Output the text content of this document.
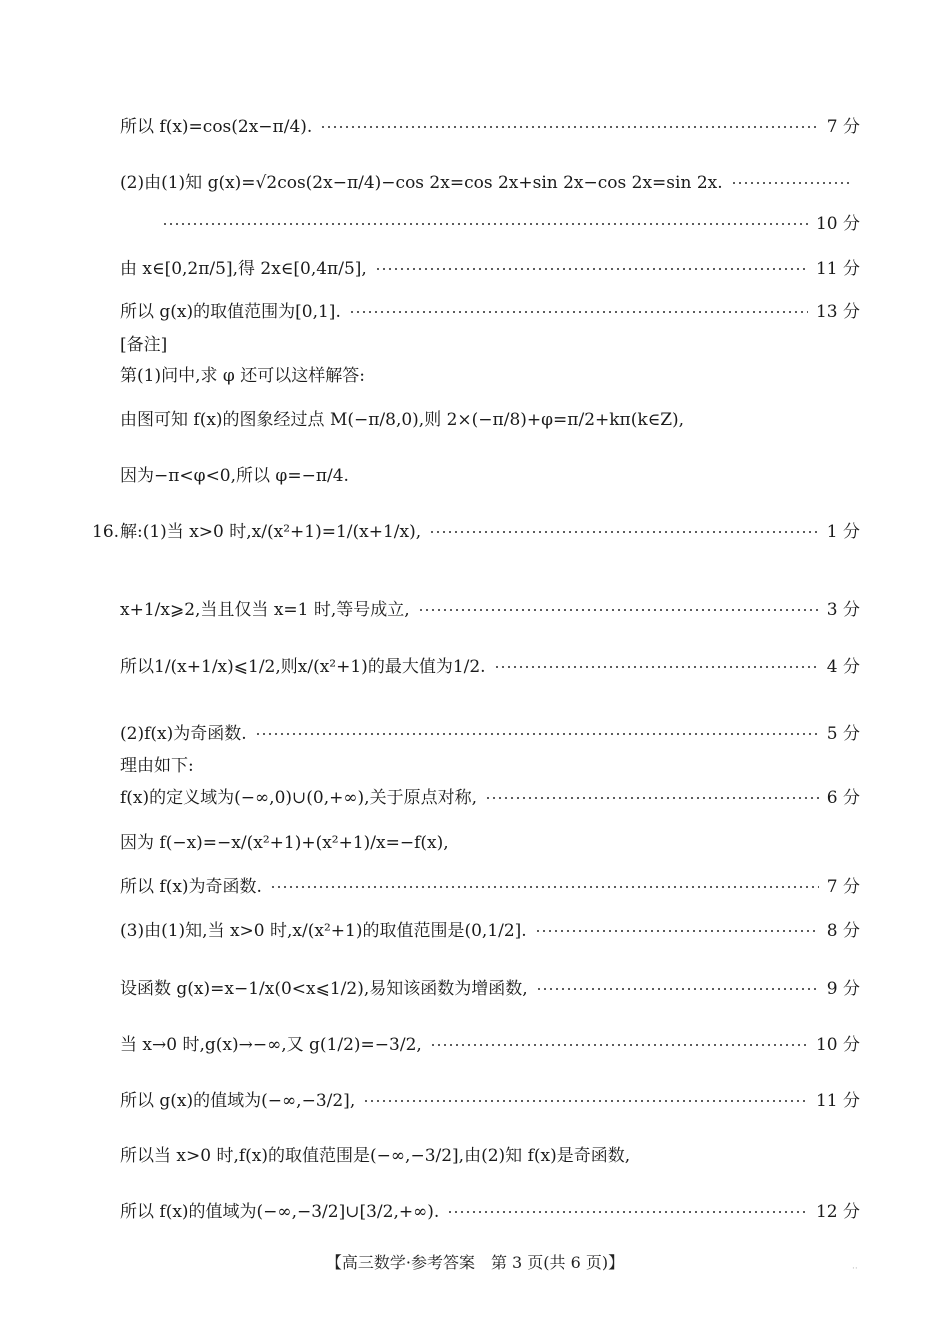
所以 f(x)=cos(2x−π/4).	7 分
(2)由(1)知 g(x)=√2cos(2x−π/4)−cos 2x=cos 2x+sin 2x−cos 2x=sin 2x.
10 分
由 x∈[0,2π/5],得 2x∈[0,4π/5],	11 分
所以 g(x)的取值范围为[0,1].	13 分
[备注]
第(1)问中,求 φ 还可以这样解答:
由图可知 f(x)的图象经过点 M(−π/8,0),则 2×(−π/8)+φ=π/2+kπ(k∈Z),
因为−π<φ<0,所以 φ=−π/4.
16. 解:(1)当 x>0 时,x/(x²+1)=1/(x+1/x),	1 分
x+1/x⩾2,当且仅当 x=1 时,等号成立,	3 分
所以1/(x+1/x)⩽1/2,则x/(x²+1)的最大值为1/2.	4 分
(2)f(x)为奇函数.	5 分
理由如下:
f(x)的定义域为(−∞,0)∪(0,+∞),关于原点对称,	6 分
因为 f(−x)=−x/(x²+1)+(x²+1)/x=−f(x),
所以 f(x)为奇函数.	7 分
(3)由(1)知,当 x>0 时,x/(x²+1)的取值范围是(0,1/2].	8 分
设函数 g(x)=x−1/x(0<x⩽1/2),易知该函数为增函数,	9 分
当 x→0 时,g(x)→−∞,又 g(1/2)=−3/2,	10 分
所以 g(x)的值域为(−∞,−3/2],	11 分
所以当 x>0 时,f(x)的取值范围是(−∞,−3/2],由(2)知 f(x)是奇函数,
所以 f(x)的值域为(−∞,−3/2]∪[3/2,+∞).	12 分
【高三数学·参考答案　第 3 页(共 6 页)】	··
